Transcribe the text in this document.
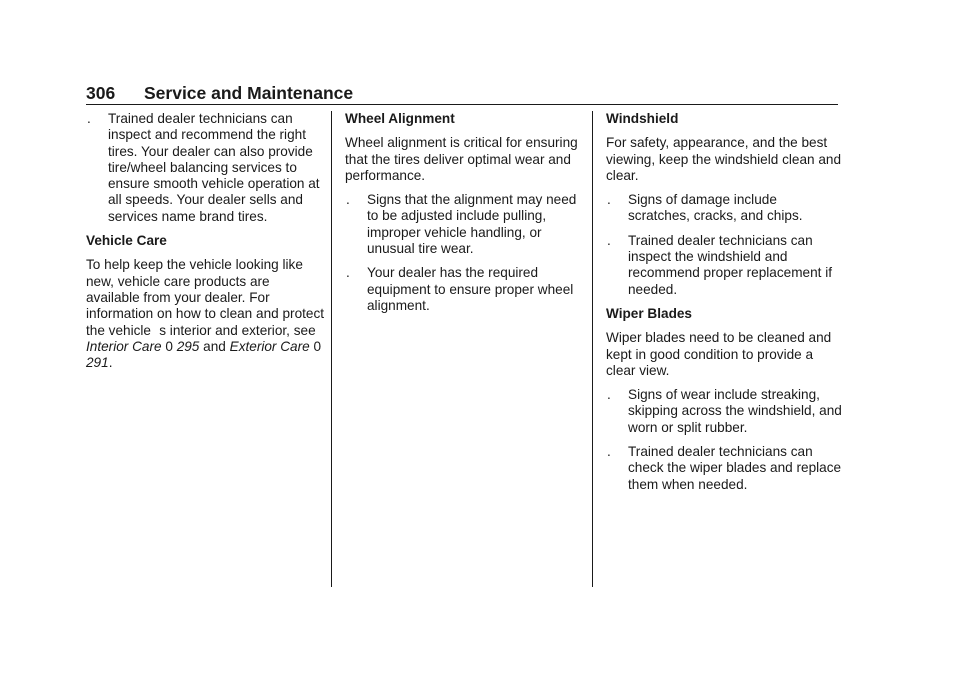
306 Service and Maintenance
. Trained dealer technicians can inspect and recommend the right tires. Your dealer can also provide tire/wheel balancing services to ensure smooth vehicle operation at all speeds. Your dealer sells and services name brand tires.
Vehicle Care
To help keep the vehicle looking like new, vehicle care products are available from your dealer. For information on how to clean and protect the vehicles interior and exterior, see Interior Care 0 295 and Exterior Care 0 291.
Wheel Alignment
Wheel alignment is critical for ensuring that the tires deliver optimal wear and performance.
. Signs that the alignment may need to be adjusted include pulling, improper vehicle handling, or unusual tire wear.
. Your dealer has the required equipment to ensure proper wheel alignment.
Windshield
For safety, appearance, and the best viewing, keep the windshield clean and clear.
. Signs of damage include scratches, cracks, and chips.
. Trained dealer technicians can inspect the windshield and recommend proper replacement if needed.
Wiper Blades
Wiper blades need to be cleaned and kept in good condition to provide a clear view.
. Signs of wear include streaking, skipping across the windshield, and worn or split rubber.
. Trained dealer technicians can check the wiper blades and replace them when needed.
